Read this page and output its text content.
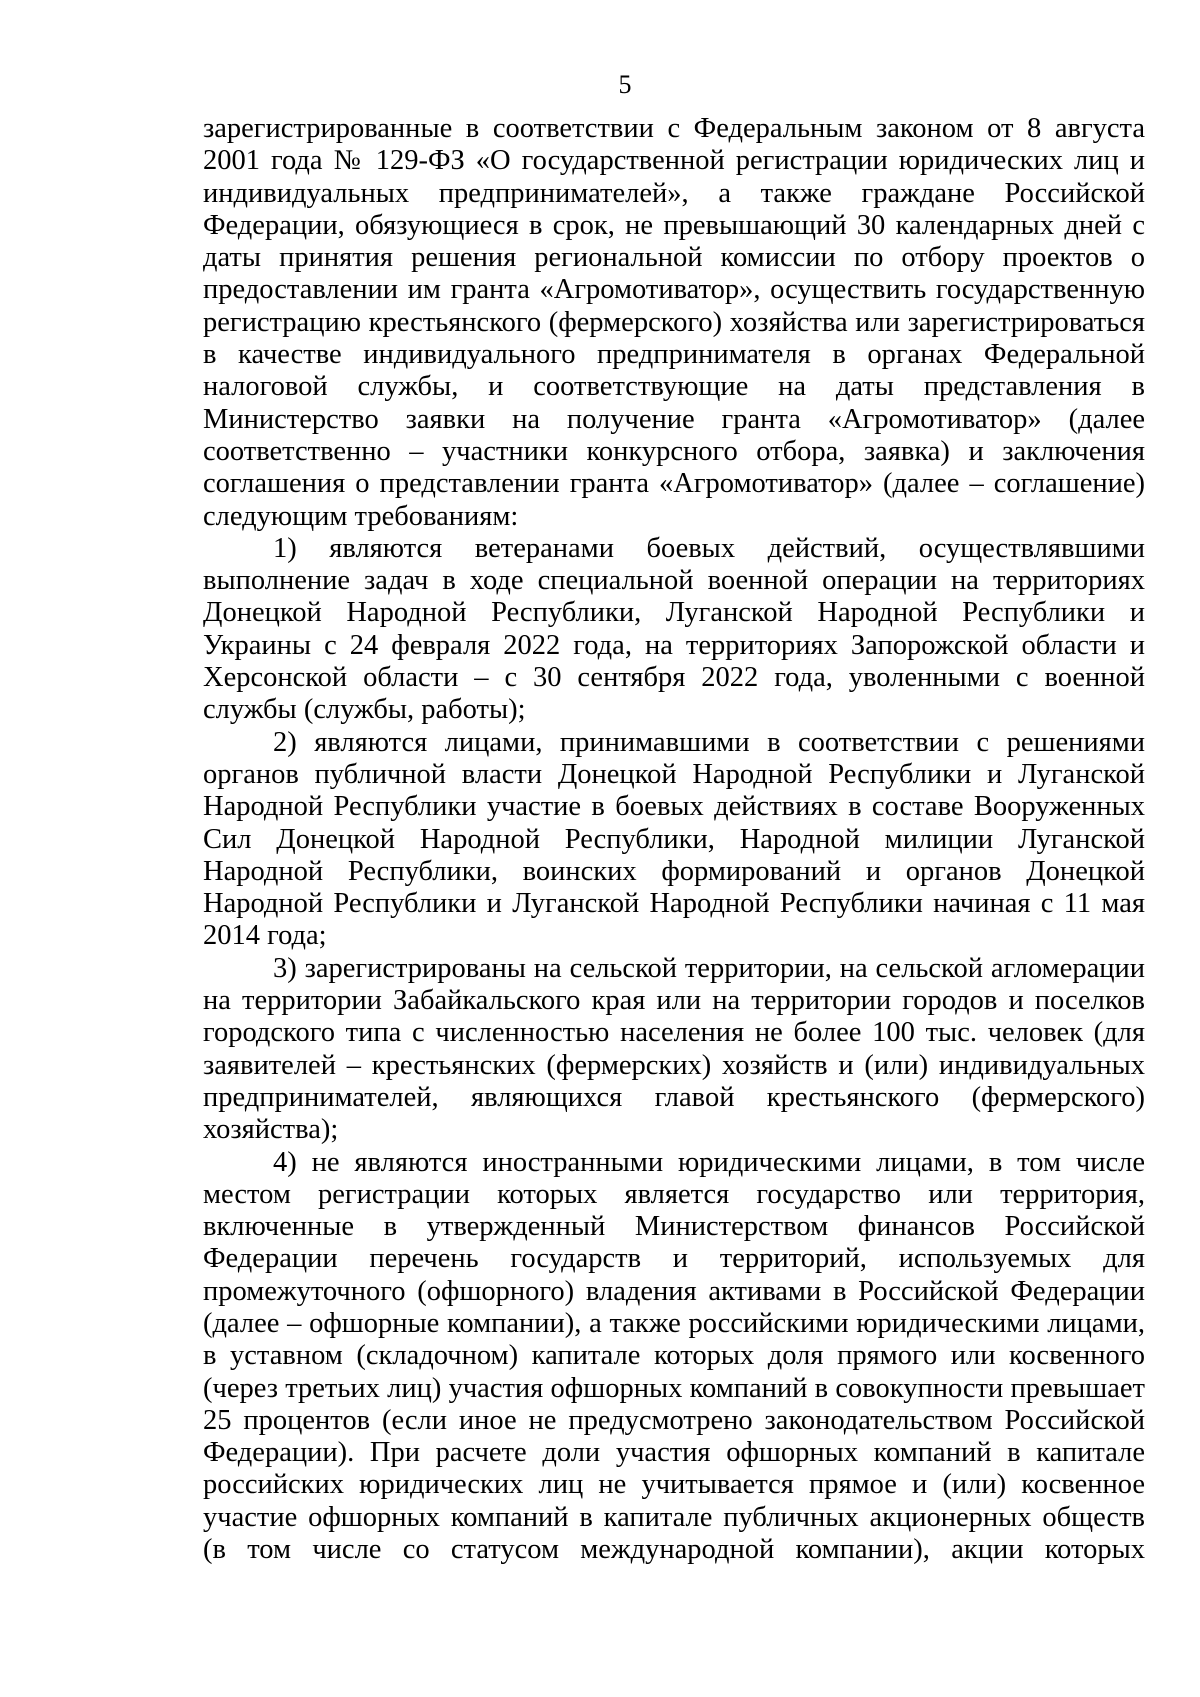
5

зарегистрированные в соответствии с Федеральным законом от 8 августа 2001 года № 129-ФЗ «О государственной регистрации юридических лиц и индивидуальных предпринимателей», а также граждане Российской Федерации, обязующиеся в срок, не превышающий 30 календарных дней с даты принятия решения региональной комиссии по отбору проектов о предоставлении им гранта «Агромотиватор», осуществить государственную регистрацию крестьянского (фермерского) хозяйства или зарегистрироваться в качестве индивидуального предпринимателя в органах Федеральной налоговой службы, и соответствующие на даты представления в Министерство заявки на получение гранта «Агромотиватор» (далее соответственно – участники конкурсного отбора, заявка) и заключения соглашения о представлении гранта «Агромотиватор» (далее – соглашение) следующим требованиям:

1) являются ветеранами боевых действий, осуществлявшими выполнение задач в ходе специальной военной операции на территориях Донецкой Народной Республики, Луганской Народной Республики и Украины с 24 февраля 2022 года, на территориях Запорожской области и Херсонской области – с 30 сентября 2022 года, уволенными с военной службы (службы, работы);

2) являются лицами, принимавшими в соответствии с решениями органов публичной власти Донецкой Народной Республики и Луганской Народной Республики участие в боевых действиях в составе Вооруженных Сил Донецкой Народной Республики, Народной милиции Луганской Народной Республики, воинских формирований и органов Донецкой Народной Республики и Луганской Народной Республики начиная с 11 мая 2014 года;

3) зарегистрированы на сельской территории, на сельской агломерации на территории Забайкальского края или на территории городов и поселков городского типа с численностью населения не более 100 тыс. человек (для заявителей – крестьянских (фермерских) хозяйств и (или) индивидуальных предпринимателей, являющихся главой крестьянского (фермерского) хозяйства);

4) не являются иностранными юридическими лицами, в том числе местом регистрации которых является государство или территория, включенные в утвержденный Министерством финансов Российской Федерации перечень государств и территорий, используемых для промежуточного (офшорного) владения активами в Российской Федерации (далее – офшорные компании), а также российскими юридическими лицами, в уставном (складочном) капитале которых доля прямого или косвенного (через третьих лиц) участия офшорных компаний в совокупности превышает 25 процентов (если иное не предусмотрено законодательством Российской Федерации). При расчете доли участия офшорных компаний в капитале российских юридических лиц не учитывается прямое и (или) косвенное участие офшорных компаний в капитале публичных акционерных обществ (в том числе со статусом международной компании), акции которых
